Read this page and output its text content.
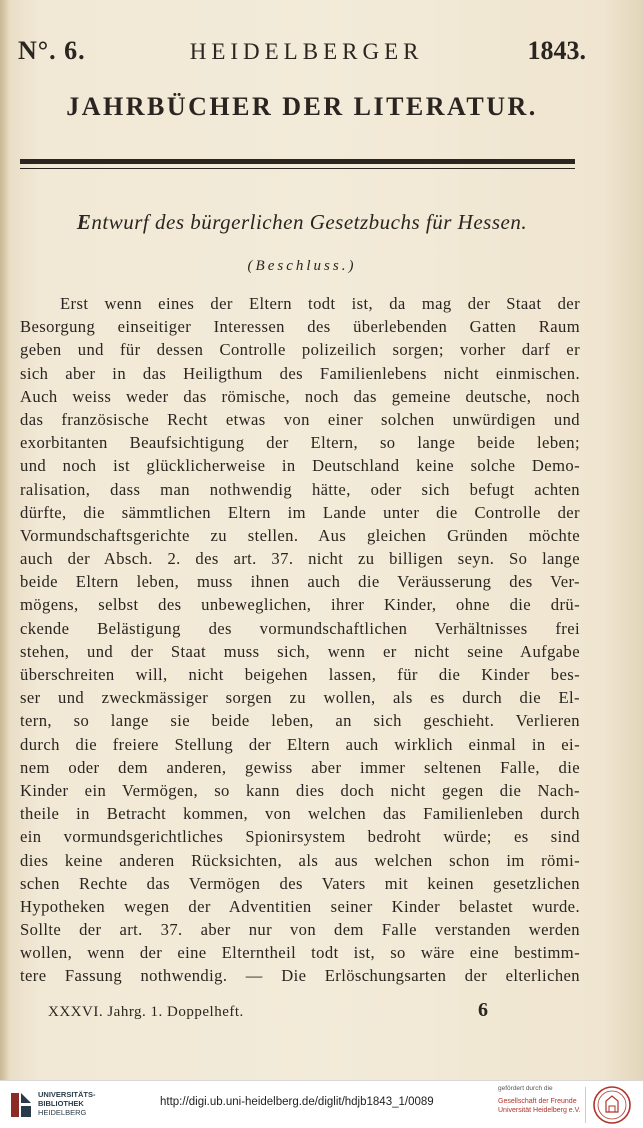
N°. 6.	HEIDELBERGER	1843.
JAHRBÜCHER DER LITERATUR.
Entwurf des bürgerlichen Gesetzbuchs für Hessen.
(Beschluss.)
Erst wenn eines der Eltern todt ist, da mag der Staat der
Besorgung einseitiger Interessen des überlebenden Gatten Raum
geben und für dessen Controlle polizeilich sorgen; vorher darf er
sich aber in das Heiligthum des Familienlebens nicht einmischen.
Auch weiss weder das römische, noch das gemeine deutsche, noch
das französische Recht etwas von einer solchen unwürdigen und
exorbitanten Beaufsichtigung der Eltern, so lange beide leben;
und noch ist glücklicherweise in Deutschland keine solche Demo-
ralisation, dass man nothwendig hätte, oder sich befugt achten
dürfte, die sämmtlichen Eltern im Lande unter die Controlle der
Vormundschaftsgerichte zu stellen. Aus gleichen Gründen möchte
auch der Absch. 2. des art. 37. nicht zu billigen seyn. So lange
beide Eltern leben, muss ihnen auch die Veräusserung des Ver-
mögens, selbst des unbeweglichen, ihrer Kinder, ohne die drü-
ckende Belästigung des vormundschaftlichen Verhältnisses frei
stehen, und der Staat muss sich, wenn er nicht seine Aufgabe
überschreiten will, nicht beigehen lassen, für die Kinder bes-
ser und zweckmässiger sorgen zu wollen, als es durch die El-
tern, so lange sie beide leben, an sich geschieht. Verlieren
durch die freiere Stellung der Eltern auch wirklich einmal in ei-
nem oder dem anderen, gewiss aber immer seltenen Falle, die
Kinder ein Vermögen, so kann dies doch nicht gegen die Nach-
theile in Betracht kommen, von welchen das Familienleben durch
ein vormundsgerichtliches Spionirsystem bedroht würde; es sind
dies keine anderen Rücksichten, als aus welchen schon im römi-
schen Rechte das Vermögen des Vaters mit keinen gesetzlichen
Hypotheken wegen der Adventitien seiner Kinder belastet wurde.
Sollte der art. 37. aber nur von dem Falle verstanden werden
wollen, wenn der eine Elterntheil todt ist, so wäre eine bestimm-
tere Fassung nothwendig. — Die Erlöschungsarten der elterlichen
XXXVI. Jahrg. 1. Doppelheft.	6
UNIVERSITÄTS-
BIBLIOTHEK
HEIDELBERG
http://digi.ub.uni-heidelberg.de/diglit/hdjb1843_1/0089
gefördert durch die
Gesellschaft der Freunde
Universität Heidelberg e.V.
